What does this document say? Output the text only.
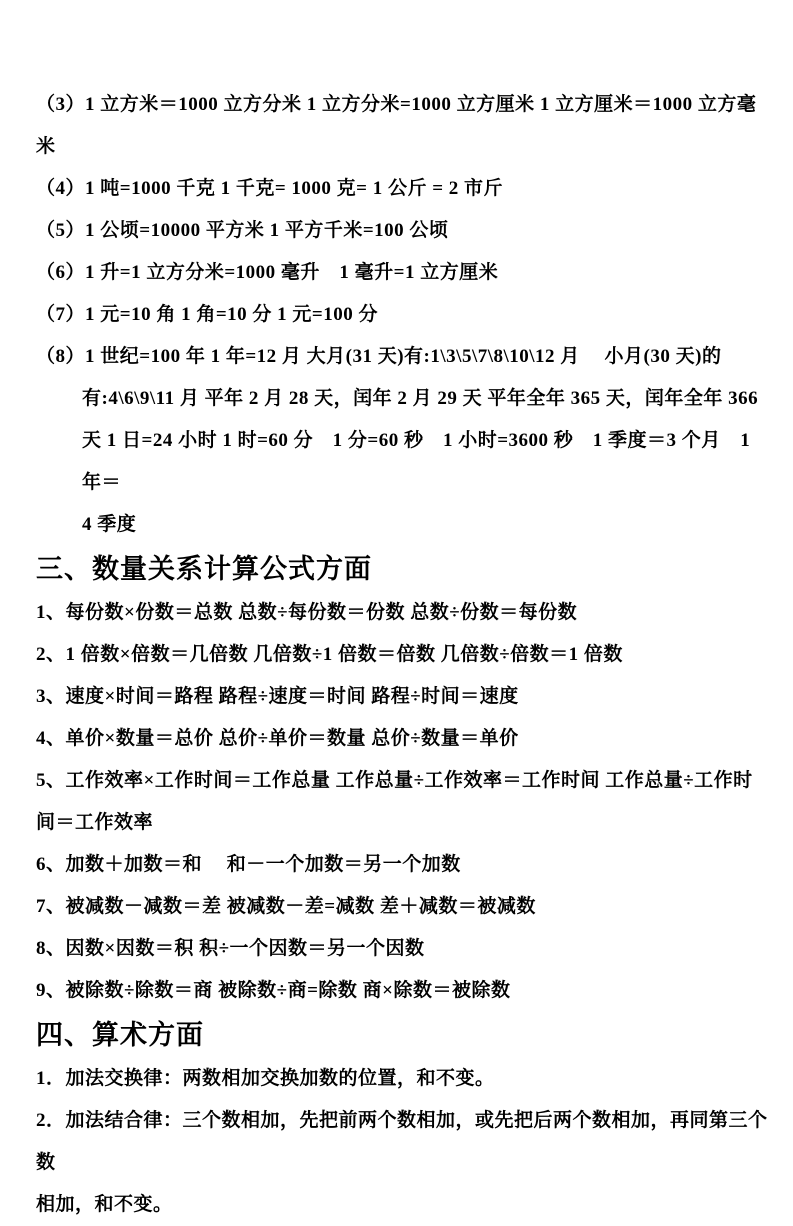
（3）1 立方米＝1000 立方分米 1 立方分米=1000 立方厘米 1 立方厘米＝1000 立方毫米
（4）1 吨=1000 千克 1 千克= 1000 克= 1 公斤 = 2 市斤
（5）1 公顷=10000 平方米 1 平方千米=100 公顷
（6）1 升=1 立方分米=1000 毫升　1 毫升=1 立方厘米
（7）1 元=10 角 1 角=10 分 1 元=100 分
（8）1 世纪=100 年 1 年=12 月 大月(31 天)有:1\3\5\7\8\10\12 月　 小月(30 天)的
有:4\6\9\11 月 平年 2 月 28 天，闰年 2 月 29 天 平年全年 365 天，闰年全年 366
天 1 日=24 小时 1 时=60 分　1 分=60 秒　1 小时=3600 秒　1 季度＝3 个月　1 年＝
4 季度
三、数量关系计算公式方面
1、每份数×份数＝总数 总数÷每份数＝份数 总数÷份数＝每份数
2、1 倍数×倍数＝几倍数 几倍数÷1 倍数＝倍数 几倍数÷倍数＝1 倍数
3、速度×时间＝路程 路程÷速度＝时间 路程÷时间＝速度
4、单价×数量＝总价 总价÷单价＝数量 总价÷数量＝单价
5、工作效率×工作时间＝工作总量 工作总量÷工作效率＝工作时间 工作总量÷工作时
间＝工作效率
6、加数＋加数＝和　 和－一个加数＝另一个加数
7、被减数－减数＝差 被减数－差=减数 差＋减数＝被减数
8、因数×因数＝积 积÷一个因数＝另一个因数
9、被除数÷除数＝商 被除数÷商=除数 商×除数＝被除数
四、算术方面
1．加法交换律：两数相加交换加数的位置，和不变。
2．加法结合律：三个数相加，先把前两个数相加，或先把后两个数相加，再同第三个数
相加，和不变。
